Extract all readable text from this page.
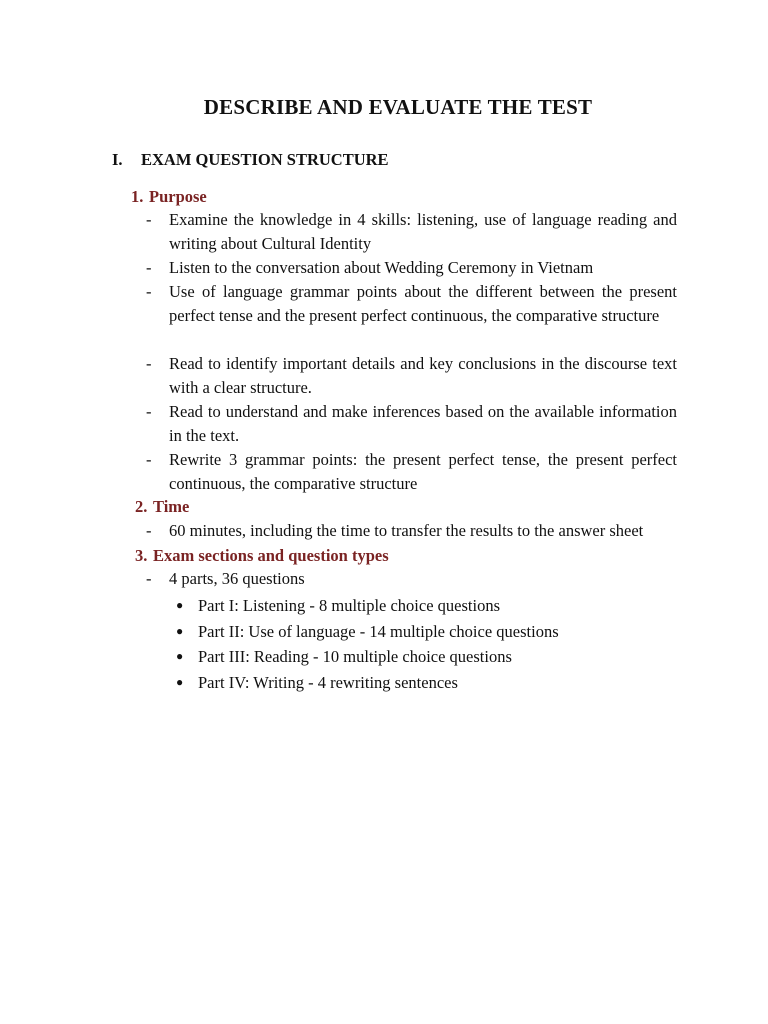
DESCRIBE AND EVALUATE THE TEST
I. EXAM QUESTION STRUCTURE
1. Purpose
- Examine the knowledge in 4 skills: listening, use of language reading and writing about Cultural Identity
- Listen to the conversation about Wedding Ceremony in Vietnam
- Use of language grammar points about the different between the present perfect tense and the present perfect continuous, the comparative structure
- Read to identify important details and key conclusions in the discourse text with a clear structure.
- Read to understand and make inferences based on the available information in the text.
- Rewrite 3 grammar points: the present perfect tense, the present perfect continuous, the comparative structure
2. Time
- 60 minutes, including the time to transfer the results to the answer sheet
3. Exam sections and question types
- 4 parts, 36 questions
● Part I: Listening - 8 multiple choice questions
● Part II: Use of language - 14 multiple choice questions
● Part III: Reading - 10 multiple choice questions
● Part IV: Writing - 4 rewriting sentences
